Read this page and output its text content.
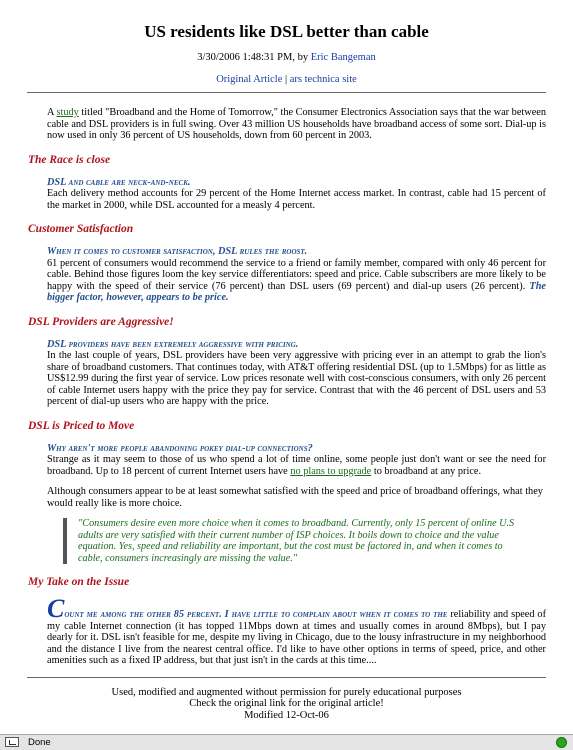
US residents like DSL better than cable
3/30/2006 1:48:31 PM, by Eric Bangeman
Original Article | ars technica site
A study titled "Broadband and the Home of Tomorrow," the Consumer Electronics Association says that the war between cable and DSL providers is in full swing. Over 43 million US households have broadband access of some sort. Dial-up is now used in only 36 percent of US households, down from 60 percent in 2003.
The Race is close
DSL and cable are neck-and-neck.
Each delivery method accounts for 29 percent of the Home Internet access market. In contrast, cable had 15 percent of the market in 2000, while DSL accounted for a measly 4 percent.
Customer Satisfaction
When it comes to customer satisfaction, DSL rules the roost.
61 percent of consumers would recommend the service to a friend or family member, compared with only 46 percent for cable. Behind those figures loom the key service differentiators: speed and price. Cable subscribers are more likely to be happy with the speed of their service (76 percent) than DSL users (69 percent) and dial-up users (26 percent). The bigger factor, however, appears to be price.
DSL Providers are Aggressive!
DSL providers have been extremely aggressive with pricing.
In the last couple of years, DSL providers have been very aggressive with pricing ever in an attempt to grab the lion's share of broadband customers. That continues today, with AT&T offering residential DSL (up to 1.5Mbps) for as little as US$12.99 during the first year of service. Low prices resonate well with cost-conscious consumers, with only 26 percent of cable Internet users happy with the price they pay for service. Contrast that with the 46 percent of DSL users and 53 percent of dial-up users who are happy with the price.
DSL is Priced to Move
Why aren't more people abandoning pokey dial-up connections?
Strange as it may seem to those of us who spend a lot of time online, some people just don't want or see the need for broadband. Up to 18 percent of current Internet users have no plans to upgrade to broadband at any price.
Although consumers appear to be at least somewhat satisfied with the speed and price of broadband offerings, what they would really like is more choice.
"Consumers desire even more choice when it comes to broadband. Currently, only 15 percent of online U.S adults are very satisfied with their current number of ISP choices. It boils down to choice and the value equation. Yes, speed and reliability are important, but the cost must be factored in, and when it comes to cable, consumers increasingly are missing the value."
My Take on the Issue
Count me among the other 85 percent. I have little to complain about when it comes to the reliability and speed of my cable Internet connection (it has topped 11Mbps down at times and usually comes in around 8Mbps), but I pay dearly for it. DSL isn't feasible for me, despite my living in Chicago, due to the lousy infrastructure in my neighborhood and the distance I live from the nearest central office. I'd like to have other options in terms of speed, price, and other amenities such as a fixed IP address, but that just isn't in the cards at this time....
Used, modified and augmented without permission for purely educational purposes
Check the original link for the original article!
Modified 12-Oct-06
Done
